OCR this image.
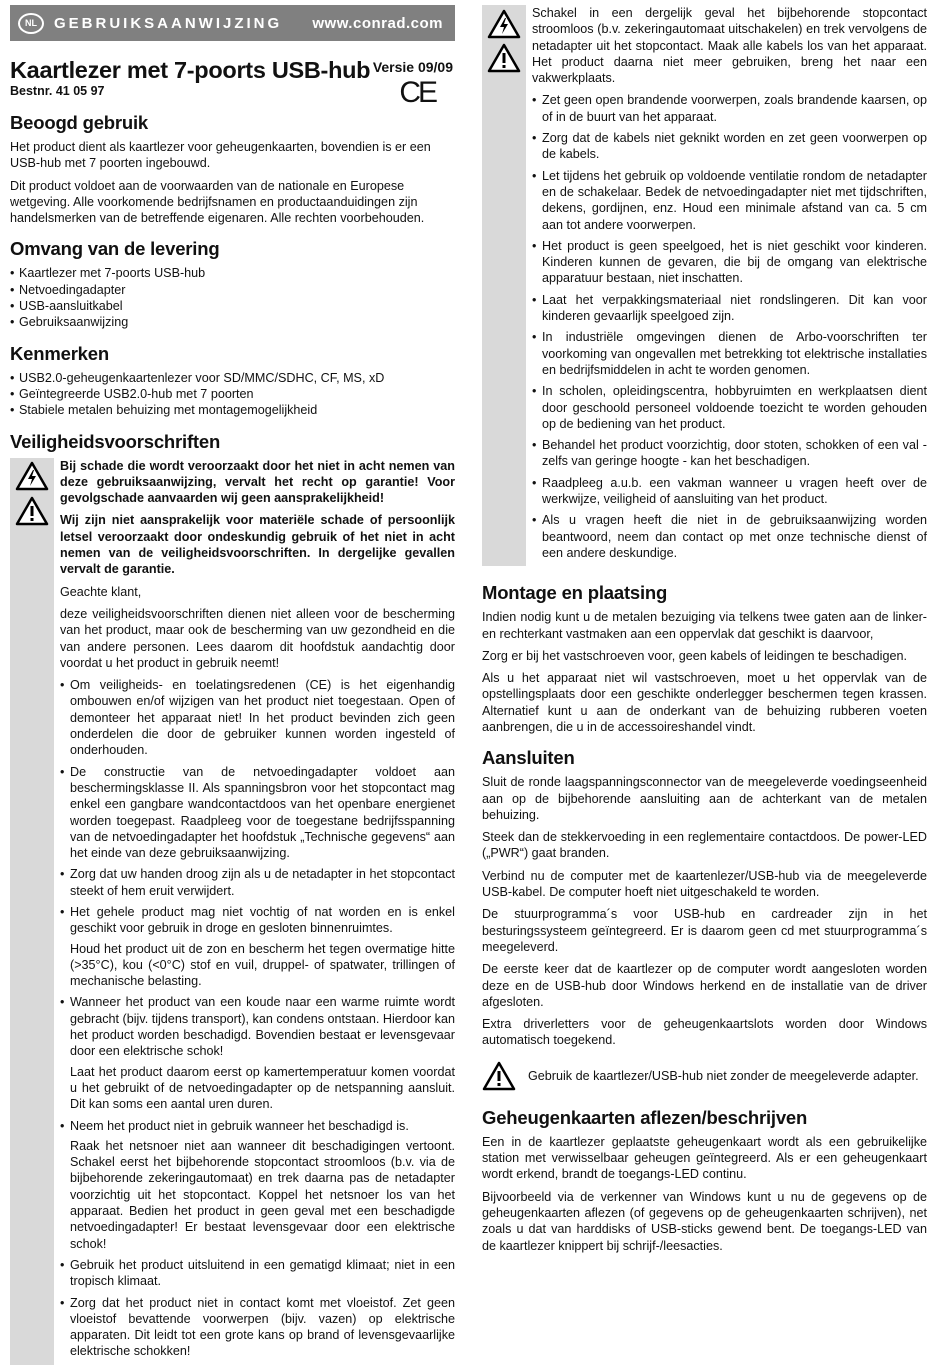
NL	GEBRUIKSAANWIJZING www.conrad.com
Kaartlezer met 7-poorts USB-hub Versie 09/09
CE
Bestnr. 41 05 97
Beoogd gebruik

Het product dient als kaartlezer voor geheugenkaarten, bovendien is er een USB-hub met 7 poorten ingebouwd.

Dit product voldoet aan de voorwaarden van de nationale en Europese wetgeving. Alle voorkomende bedrijfsnamen en productaanduidingen zijn handelsmerken van de betreffende eigenaren. Alle rechten voorbehouden.

Omvang van de levering
• Kaartlezer met 7-poorts USB-hub
• Netvoedingadapter
• USB-aansluitkabel
• Gebruiksaanwijzing
Kenmerken
• USB2.0-geheugenkaartenlezer voor SD/MMC/SDHC, CF, MS, xD
• Geïntegreerde USB2.0-hub met 7 poorten
• Stabiele metalen behuizing met montagemogelijkheid
Veiligheidsvoorschriften

Bij schade die wordt veroorzaakt door het niet in acht nemen van deze gebruiksaanwijzing, vervalt het recht op garantie! Voor gevolgschade aanvaarden wij geen aansprakelijkheid!

Wij zijn niet aansprakelijk voor materiële schade of persoonlijk letsel veroorzaakt door ondeskundig gebruik of het niet in acht nemen van de veiligheidsvoorschriften. In dergelijke gevallen vervalt de garantie.

Geachte klant,

deze veiligheidsvoorschriften dienen niet alleen voor de bescherming van het product, maar ook de bescherming van uw gezondheid en die van andere personen. Lees daarom dit hoofdstuk aandachtig door voordat u het product in gebruik neemt!

• Om veiligheids- en toelatingsredenen (CE) is het eigenhandig ombouwen en/of wijzigen van het product niet toegestaan. Open of demonteer het apparaat niet! In het product bevinden zich geen onderdelen die door de gebruiker kunnen worden ingesteld of onderhouden.
• De constructie van de netvoedingadapter voldoet aan beschermingsklasse II. Als spanningsbron voor het stopcontact mag enkel een gangbare wandcontactdoos van het openbare energienet worden toegepast. Raadpleeg voor de toegestane bedrijfsspanning van de netvoedingadapter het hoofdstuk „Technische gegevens“ aan het einde van deze gebruiksaanwijzing.
• Zorg dat uw handen droog zijn als u de netadapter in het stopcontact steekt of hem eruit verwijdert.
• Het gehele product mag niet vochtig of nat worden en is enkel geschikt voor gebruik in droge en gesloten binnenruimtes.

Houd het product uit de zon en bescherm het tegen overmatige hitte (>35°C), kou (<0°C) stof en vuil, druppel- of spatwater, trillingen of mechanische belasting.

• Wanneer het product van een koude naar een warme ruimte wordt gebracht (bijv. tijdens transport), kan condens ontstaan. Hierdoor kan het product worden beschadigd. Bovendien bestaat er levensgevaar door een elektrische schok!

Laat het product daarom eerst op kamertemperatuur komen voordat u het gebruikt of de netvoedingadapter op de netspanning aansluit. Dit kan soms een aantal uren duren.

• Neem het product niet in gebruik wanneer het beschadigd is.

Raak het netsnoer niet aan wanneer dit beschadigingen vertoont. Schakel eerst het bijbehorende stopcontact stroomloos (b.v. via de bijbehorende zekeringautomaat) en trek daarna pas de netadapter voorzichtig uit het stopcontact. Koppel het netsnoer los van het apparaat. Bedien het product in geen geval met een beschadigde netvoedingadapter! Er bestaat levensgevaar door een elektrische schok!

• Gebruik het product uitsluitend in een gematigd klimaat; niet in een tropisch klimaat.
• Zorg dat het product niet in contact komt met vloeistof. Zet geen vloeistof bevattende voorwerpen (bijv. vazen) op elektrische apparaten. Dit leidt tot een grote kans op brand of levensgevaarlijke elektrische schokken!

Schakel in een dergelijk geval het bijbehorende stopcontact stroomloos (b.v. zekeringautomaat uitschakelen) en trek vervolgens de netadapter uit het stopcontact. Maak alle kabels los van het apparaat. Het product daarna niet meer gebruiken, breng het naar een vakwerkplaats.

• Zet geen open brandende voorwerpen, zoals brandende kaarsen, op of in de buurt van het apparaat.
• Zorg dat de kabels niet geknikt worden en zet geen voorwerpen op de kabels.
• Let tijdens het gebruik op voldoende ventilatie rondom de netadapter en de schakelaar. Bedek de netvoedingadapter niet met tijdschriften, dekens, gordijnen, enz. Houd een minimale afstand van ca. 5 cm aan tot andere voorwerpen.
• Het product is geen speelgoed, het is niet geschikt voor kinderen. Kinderen kunnen de gevaren, die bij de omgang van elektrische apparatuur bestaan, niet inschatten.
• Laat het verpakkingsmateriaal niet rondslingeren. Dit kan voor kinderen gevaarlijk speelgoed zijn.
• In industriële omgevingen dienen de Arbo-voorschriften ter voorkoming van ongevallen met betrekking tot elektrische installaties en bedrijfsmiddelen in acht te worden genomen.
• In scholen, opleidingscentra, hobbyruimten en werkplaatsen dient door geschoold personeel voldoende toezicht te worden gehouden op de bediening van het product.
• Behandel het product voorzichtig, door stoten, schokken of een val - zelfs van geringe hoogte - kan het beschadigen.
• Raadpleeg a.u.b. een vakman wanneer u vragen heeft over de werkwijze, veiligheid of aansluiting van het product.
• Als u vragen heeft die niet in de gebruiksaanwijzing worden beantwoord, neem dan contact op met onze technische dienst of een andere deskundige.
Montage en plaatsing

Indien nodig kunt u de metalen bezuiging via telkens twee gaten aan de linker- en rechterkant vastmaken aan een oppervlak dat geschikt is daarvoor,

Zorg er bij het vastschroeven voor, geen kabels of leidingen te beschadigen.

Als u het apparaat niet wil vastschroeven, moet u het oppervlak van de opstellingsplaats door een geschikte onderlegger beschermen tegen krassen. Alternatief kunt u aan de onderkant van de behuizing rubberen voeten aanbrengen, die u in de accessoireshandel vindt.

Aansluiten

Sluit de ronde laagspanningsconnector van de meegeleverde voedingseenheid aan op de bijbehorende aansluiting aan de achterkant van de metalen behuizing.

Steek dan de stekkervoeding in een reglementaire contactdoos. De power-LED („PWR“) gaat branden.

Verbind nu de computer met de kaartenlezer/USB-hub via de meegeleverde USB-kabel. De computer hoeft niet uitgeschakeld te worden.

De stuurprogramma´s voor USB-hub en cardreader zijn in het besturingssysteem geïntegreerd. Er is daarom geen cd met stuurprogramma´s meegeleverd.

De eerste keer dat de kaartlezer op de computer wordt aangesloten worden deze en de USB-hub door Windows herkend en de installatie van de driver afgesloten.

Extra driverletters voor de geheugenkaartslots worden door Windows automatisch toegekend.

Gebruik de kaartlezer/USB-hub niet zonder de meegeleverde adapter.

Geheugenkaarten aflezen/beschrijven

Een in de kaartlezer geplaatste geheugenkaart wordt als een gebruikelijke station met verwisselbaar geheugen geïntegreerd. Als er een geheugenkaart wordt erkend, brandt de toegangs-LED continu.

Bijvoorbeeld via de verkenner van Windows kunt u nu de gegevens op de geheugenkaarten aflezen (of gegevens op de geheugenkaarten schrijven), net zoals u dat van harddisks of USB-sticks gewend bent. De toegangs-LED van de kaartlezer knippert bij schrijf-/leesacties.
